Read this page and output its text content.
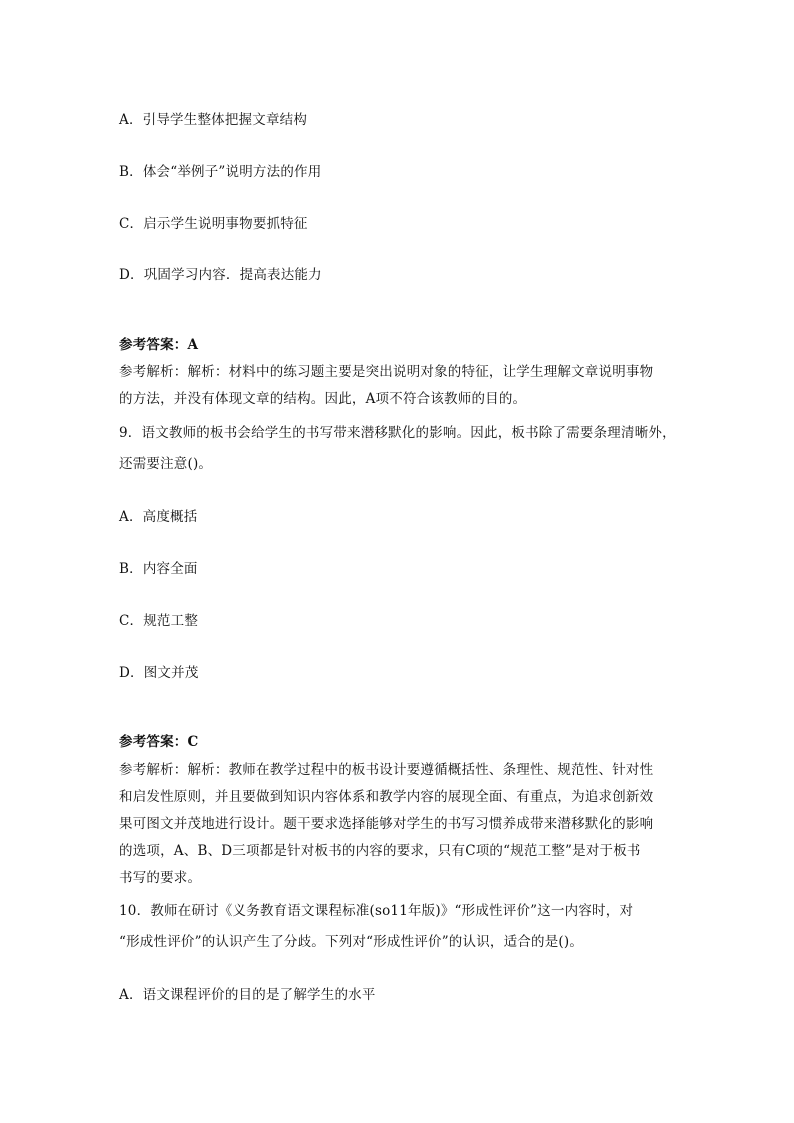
A．引导学生整体把握文章结构
B．体会“举例子”说明方法的作用
C．启示学生说明事物要抓特征
D．巩固学习内容．提高表达能力
参考答案：A
参考解析：解析：材料中的练习题主要是突出说明对象的特征，让学生理解文章说明事物
的方法，并没有体现文章的结构。因此，A项不符合该教师的目的。
9．语文教师的板书会给学生的书写带来潜移默化的影响。因此，板书除了需要条理清晰外，
还需要注意()。
A．高度概括
B．内容全面
C．规范工整
D．图文并茂
参考答案：C
参考解析：解析：教师在教学过程中的板书设计要遵循概括性、条理性、规范性、针对性
和启发性原则，并且要做到知识内容体系和教学内容的展现全面、有重点，为追求创新效
果可图文并茂地进行设计。题干要求选择能够对学生的书写习惯养成带来潜移默化的影响
的选项，A、B、D三项都是针对板书的内容的要求，只有C项的“规范工整”是对于板书
书写的要求。
10．教师在研讨《义务教育语文课程标准(so11年版)》“形成性评价”这一内容时，对
“形成性评价”的认识产生了分歧。下列对“形成性评价”的认识，适合的是()。
A．语文课程评价的目的是了解学生的水平
